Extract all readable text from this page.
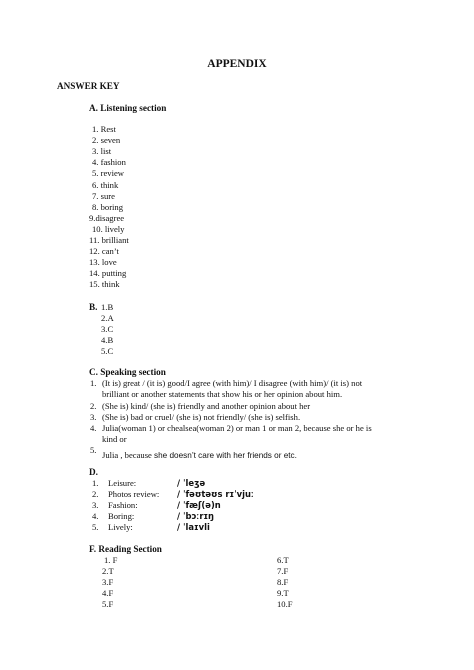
APPENDIX
ANSWER KEY
A. Listening section
1. Rest
2. seven
3. list
4. fashion
5. review
6. think
7. sure
8. boring
9.disagree
10. lively
11. brilliant
12. can’t
13. love
14. putting
15. think
B. 1.B
2.A
3.C
4.B
5.C
C. Speaking section
1. (It is) great / (it is) good/I agree (with him)/ I disagree (with him)/ (it is) not
brilliant or another statements that show his or her opinion about him.
2. (She is) kind/ (she is) friendly and another opinion about her
3. (She is) bad or cruel/ (she is) not friendly/ (she is) selfish.
4. Julia(woman 1) or chealsea(woman 2) or man 1 or man 2, because she or he is
kind or
5. Julia , because she doesn’t care with her friends or etc.
D.
1. Leisure:	/ ˈleʒə
2. Photos review: / ˈfəʊtəʊs rɪˈvjuː
3. Fashion:	/ ˈfæʃ(ə)n
4. Boring:	/ ˈbɔːrɪŋ
5. Lively:	/ ˈlaɪvli
F. Reading Section
1. F
2.T
3.F
4.F
5.F
6.T
7.F
8.F
9.T
10.F
